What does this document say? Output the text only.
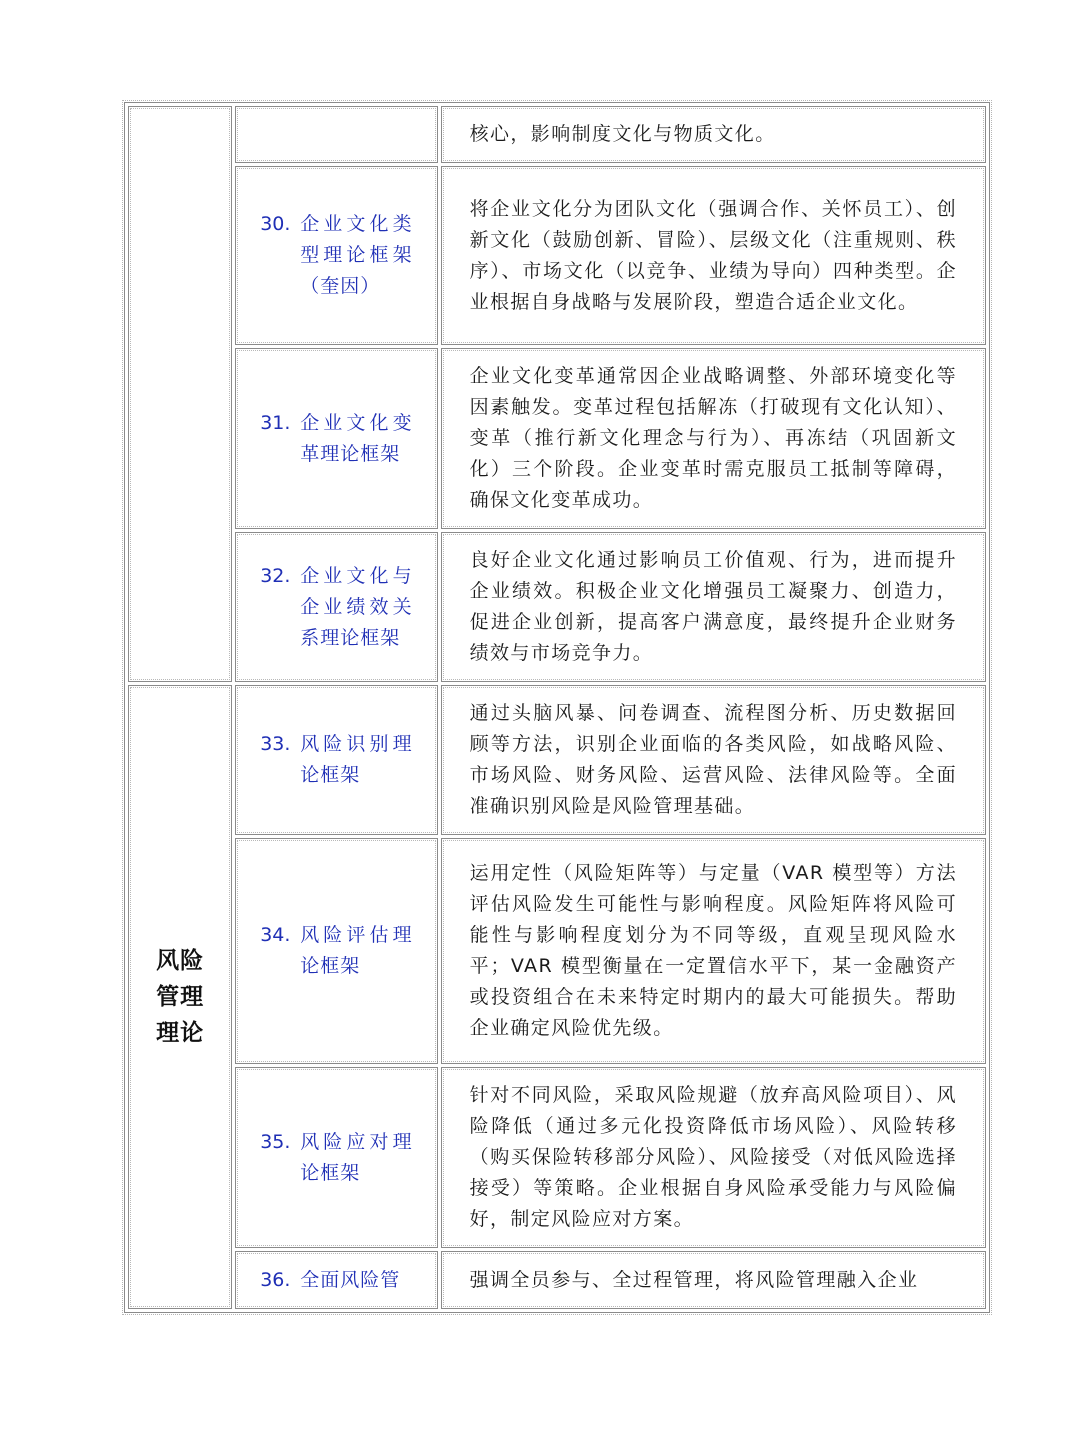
		核心，影响制度文化与物质文化。

	30. 企业文化类型理论框架（奎因）	将企业文化分为团队文化（强调合作、关怀员工）、创新文化（鼓励创新、冒险）、层级文化（注重规则、秩序）、市场文化（以竞争、业绩为导向）四种类型。企业根据自身战略与发展阶段，塑造合适企业文化。

	31. 企业文化变革理论框架	企业文化变革通常因企业战略调整、外部环境变化等因素触发。变革过程包括解冻（打破现有文化认知）、变革（推行新文化理念与行为）、再冻结（巩固新文化）三个阶段。企业变革时需克服员工抵制等障碍，确保文化变革成功。

	32. 企业文化与企业绩效关系理论框架	良好企业文化通过影响员工价值观、行为，进而提升企业绩效。积极企业文化增强员工凝聚力、创造力，促进企业创新，提高客户满意度，最终提升企业财务绩效与市场竞争力。

风险管理理论	33. 风险识别理论框架	通过头脑风暴、问卷调查、流程图分析、历史数据回顾等方法，识别企业面临的各类风险，如战略风险、市场风险、财务风险、运营风险、法律风险等。全面准确识别风险是风险管理基础。

	34. 风险评估理论框架	运用定性（风险矩阵等）与定量（VAR 模型等）方法评估风险发生可能性与影响程度。风险矩阵将风险可能性与影响程度划分为不同等级，直观呈现风险水平；VAR 模型衡量在一定置信水平下，某一金融资产或投资组合在未来特定时期内的最大可能损失。帮助企业确定风险优先级。

	35. 风险应对理论框架	针对不同风险，采取风险规避（放弃高风险项目）、风险降低（通过多元化投资降低市场风险）、风险转移（购买保险转移部分风险）、风险接受（对低风险选择接受）等策略。企业根据自身风险承受能力与风险偏好，制定风险应对方案。

	36. 全面风险管	强调全员参与、全过程管理，将风险管理融入企业
